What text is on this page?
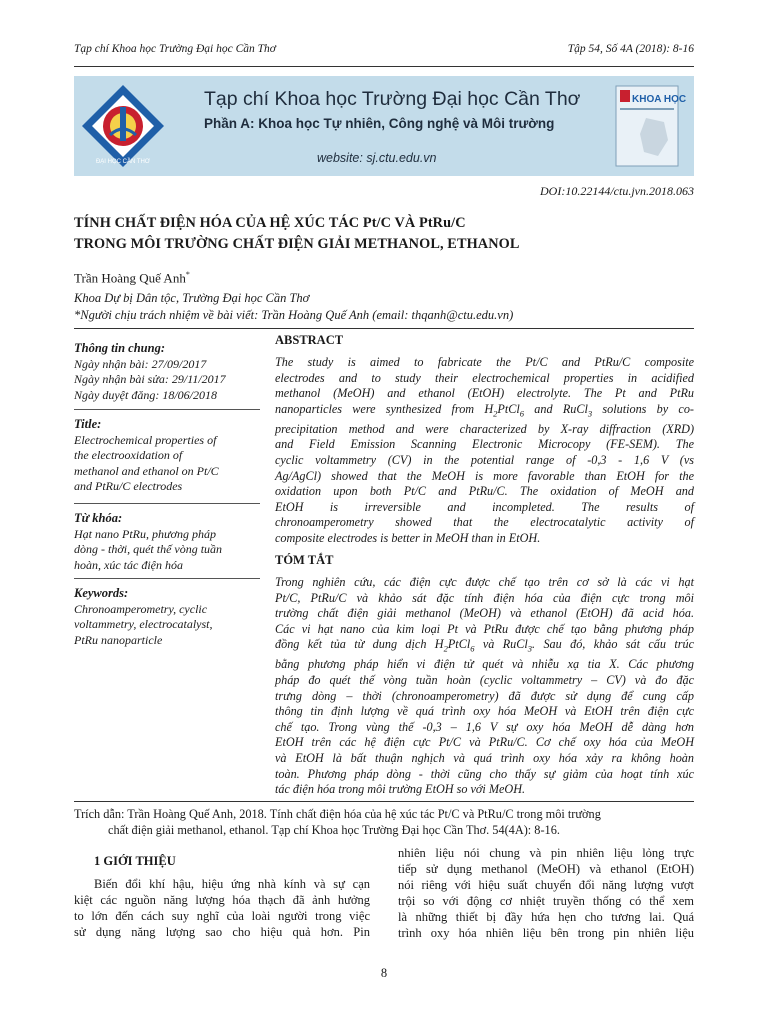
Tạp chí Khoa học Trường Đại học Cần Thơ	Tập 54, Số 4A (2018): 8-16
ĐẠI HỌC CẦN THƠ
Tạp chí Khoa học Trường Đại học Cần Thơ
Phần A: Khoa học Tự nhiên, Công nghệ và Môi trường
website: sj.ctu.edu.vn
KHOA HỌC
DOI:10.22144/ctu.jvn.2018.063
TÍNH CHẤT ĐIỆN HÓA CỦA HỆ XÚC TÁC Pt/C VÀ PtRu/C
TRONG MÔI TRƯỜNG CHẤT ĐIỆN GIẢI METHANOL, ETHANOL
Trần Hoàng Quế Anh*
Khoa Dự bị Dân tộc, Trường Đại học Cần Thơ
*Người chịu trách nhiệm về bài viết: Trần Hoàng Quế Anh (email: thqanh@ctu.edu.vn)
Thông tin chung:
Ngày nhận bài: 27/09/2017
Ngày nhận bài sửa: 29/11/2017
Ngày duyệt đăng: 18/06/2018
Title:
Electrochemical properties of
the electrooxidation of
methanol and ethanol on Pt/C
and PtRu/C electrodes
Từ khóa:
Hạt nano PtRu, phương pháp
dòng - thời, quét thế vòng tuần
hoàn, xúc tác điện hóa
Keywords:
Chronoamperometry, cyclic
voltammetry, electrocatalyst,
PtRu nanoparticle
ABSTRACT
The study is aimed to fabricate the Pt/C and PtRu/C composite
electrodes and to study their electrochemical properties in acidified
methanol (MeOH) and ethanol (EtOH) electrolyte. The Pt and PtRu
nanoparticles were synthesized from $H_2PtCl_6$ and RuCl$_3$ solutions by co-
precipitation method and were characterized by X-ray diffraction (XRD)
and Field Emission Scanning Electronic Microcopy (FE-SEM). The
cyclic voltammetry (CV) in the potential range of -0,3 - 1,6 V (vs
Ag/AgCl) showed that the MeOH is more favorable than EtOH for the
oxidation upon both Pt/C and PtRu/C. The oxidation of MeOH and
EtOH is irreversible and incompleted. The results of
chronoamperometry showed that the electrocatalytic activity of
composite electrodes is better in MeOH than in EtOH.
TÓM TẮT
Trong nghiên cứu, các điện cực được chế tạo trên cơ sở là các vi hạt
Pt/C, PtRu/C và khảo sát đặc tính điện hóa của điện cực trong môi
trường chất điện giải methanol (MeOH) và ethanol (EtOH) đã acid hóa.
Các vi hạt nano của kim loại Pt và PtRu được chế tạo bằng phương pháp
đồng kết tủa từ dung dịch $H_2PtCl_6$ và RuCl$_3$. Sau đó, khảo sát cấu trúc
bằng phương pháp hiển vi điện tử quét và nhiễu xạ tia X. Các phương
pháp đo quét thế vòng tuần hoàn (cyclic voltammetry – CV) và đo đặc
trưng dòng – thời (chronoamperometry) đã được sử dụng để cung cấp
thông tin định lượng về quá trình oxy hóa MeOH và EtOH trên điện cực
chế tạo. Trong vùng thế -0,3 – 1,6 V sự oxy hóa MeOH dễ dàng hơn
EtOH trên các hệ điện cực Pt/C và PtRu/C. Cơ chế oxy hóa của MeOH
và EtOH là bất thuận nghịch và quá trình oxy hóa xảy ra không hoàn
toàn. Phương pháp dòng - thời cũng cho thấy sự giảm của hoạt tính xúc
tác điện hóa trong môi trường EtOH so với MeOH.
Trích dẫn: Trần Hoàng Quế Anh, 2018. Tính chất điện hóa của hệ xúc tác Pt/C và PtRu/C trong môi trường
chất điện giải methanol, ethanol. Tạp chí Khoa học Trường Đại học Cần Thơ. 54(4A): 8-16.
1 GIỚI THIỆU
Biến đổi khí hậu, hiệu ứng nhà kính và sự cạn
kiệt các nguồn năng lượng hóa thạch đã ảnh hưởng
to lớn đến cách suy nghĩ của loài người trong việc
sử dụng năng lượng sao cho hiệu quả hơn. Pin
nhiên liệu nói chung và pin nhiên liệu lỏng trực
tiếp sử dụng methanol (MeOH) và ethanol (EtOH)
nói riêng với hiệu suất chuyển đổi năng lượng vượt
trội so với động cơ nhiệt truyền thống có thể xem
là những thiết bị đầy hứa hẹn cho tương lai. Quá
trình oxy hóa nhiên liệu bên trong pin nhiên liệu
8
